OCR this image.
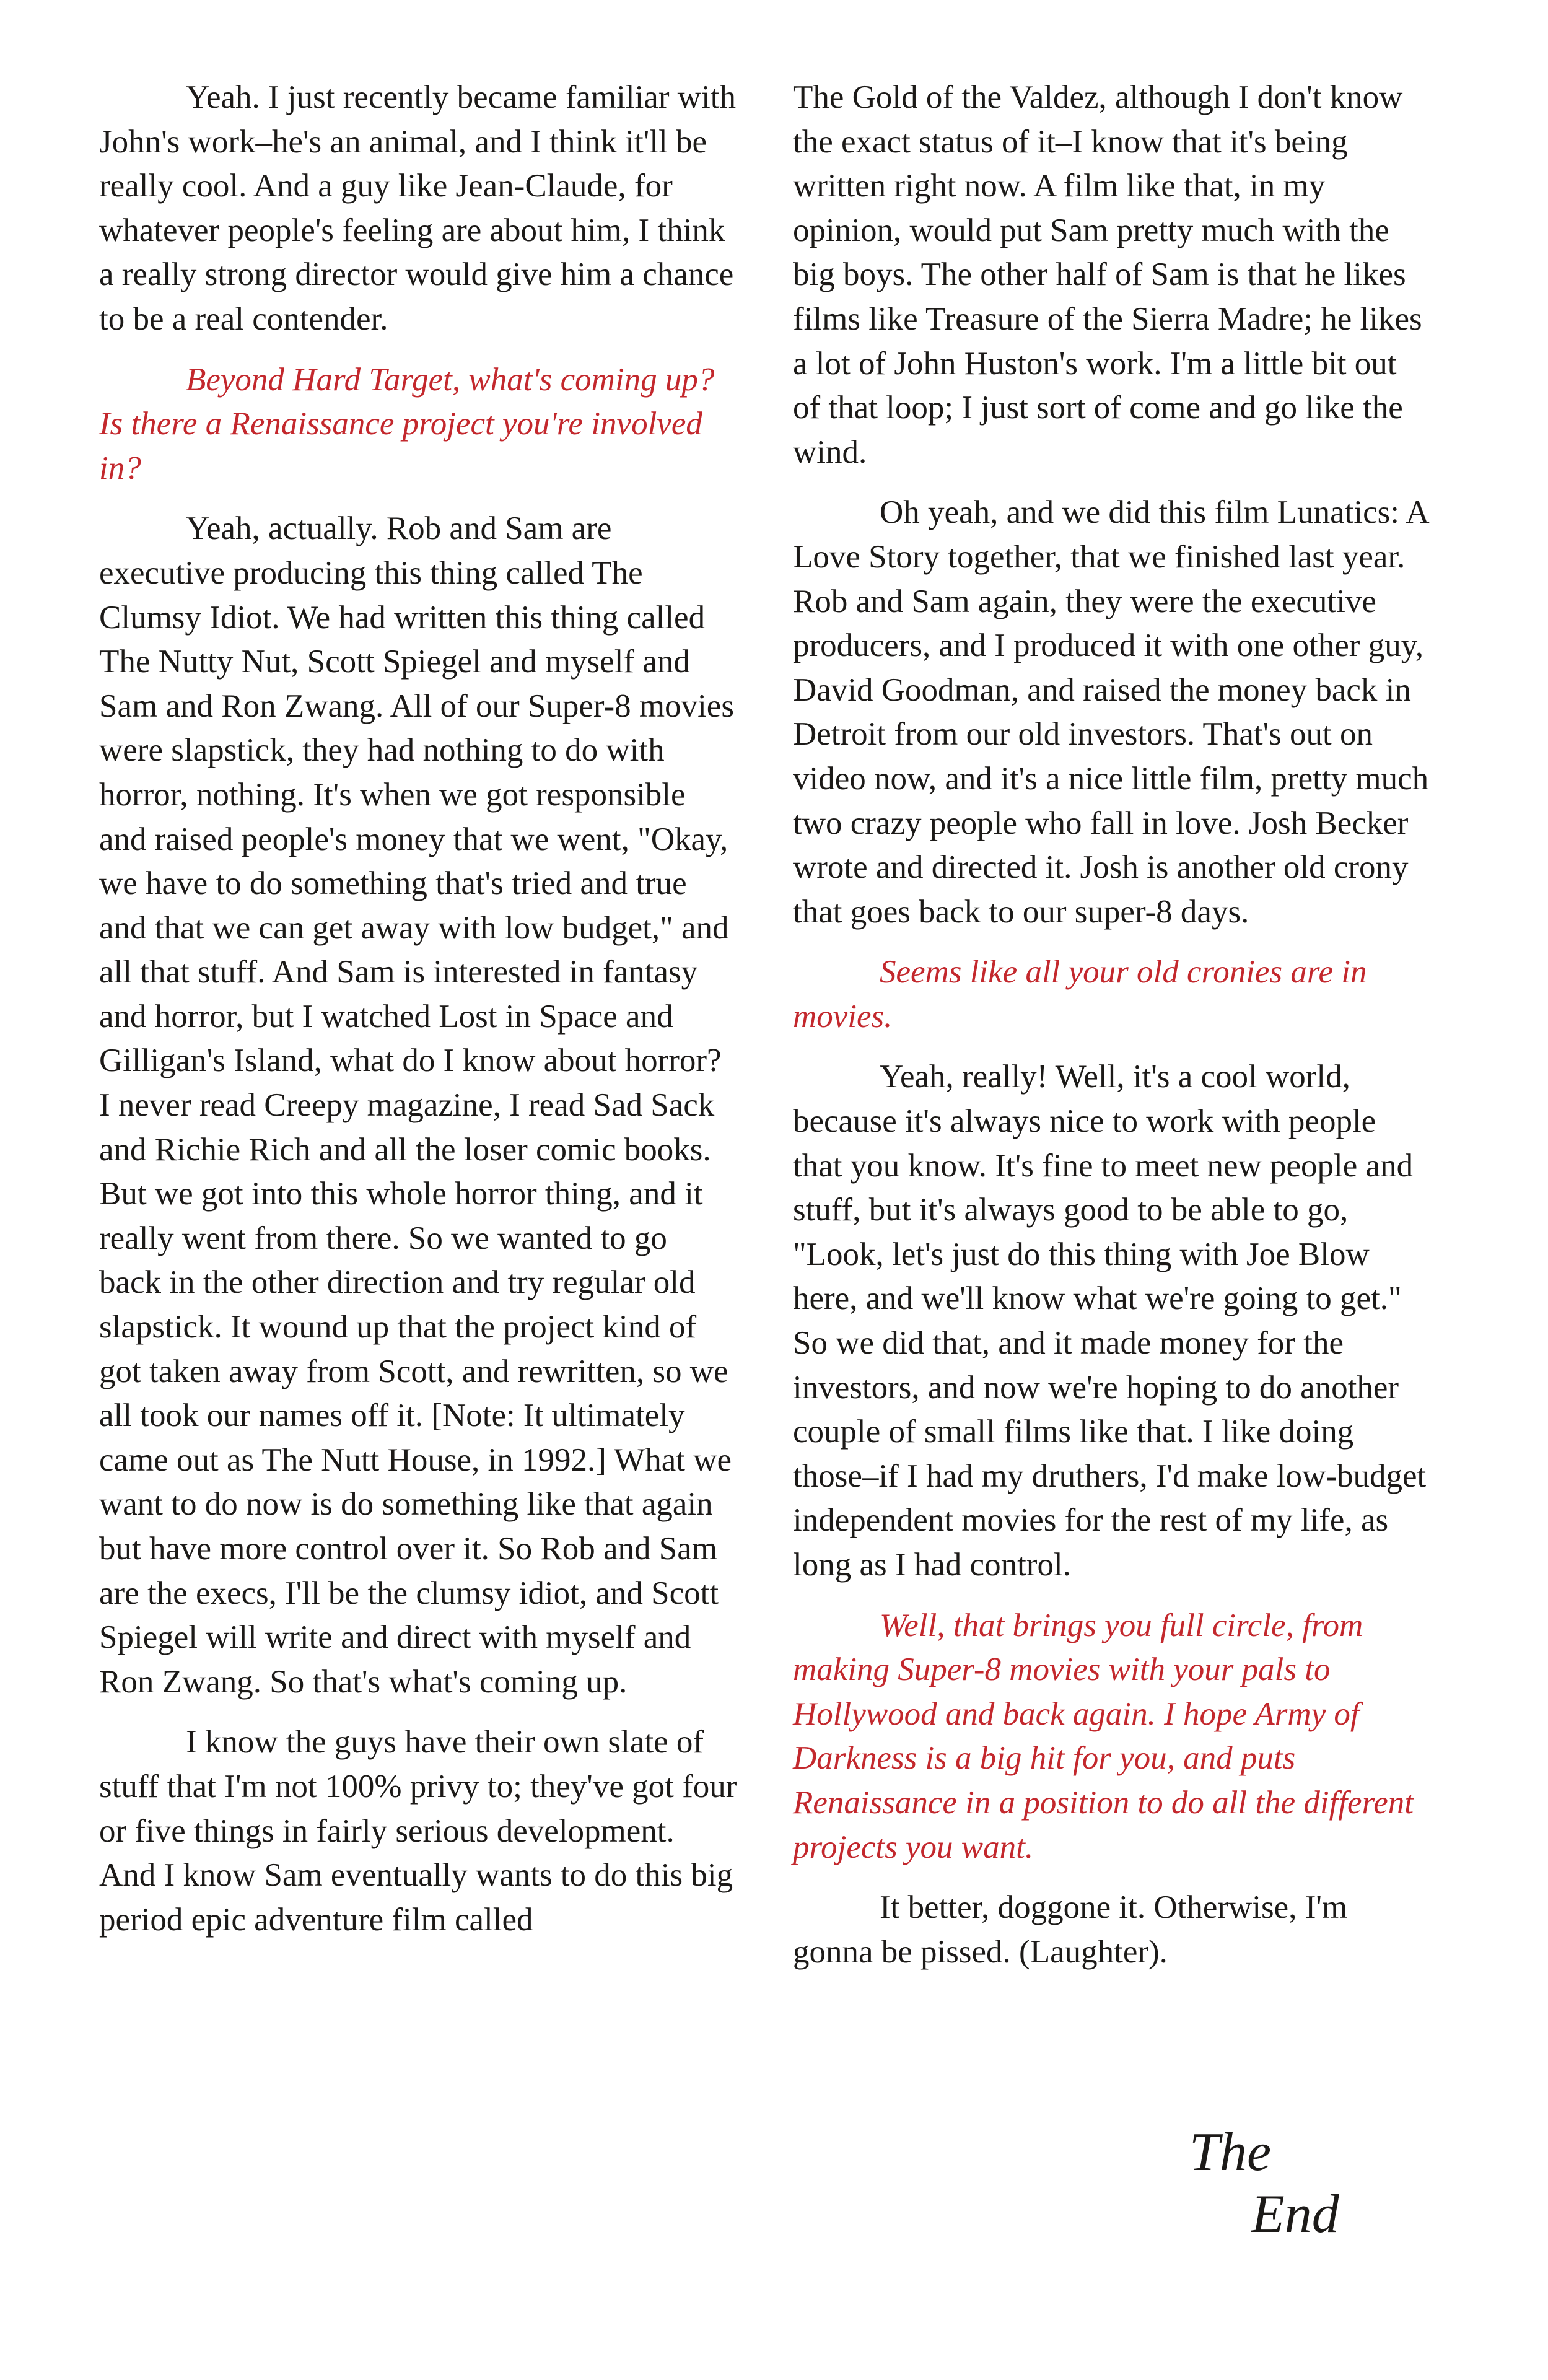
Yeah. I just recently became familiar with John's work–he's an animal, and I think it'll be really cool. And a guy like Jean-Claude, for whatever people's feeling are about him, I think a really strong director would give him a chance to be a real contender.

Beyond Hard Target, what's coming up? Is there a Renaissance project you're involved in?

Yeah, actually. Rob and Sam are executive producing this thing called The Clumsy Idiot. We had written this thing called The Nutty Nut, Scott Spiegel and myself and Sam and Ron Zwang. All of our Super-8 movies were slapstick, they had nothing to do with horror, nothing. It's when we got responsible and raised people's money that we went, "Okay, we have to do something that's tried and true and that we can get away with low budget," and all that stuff. And Sam is interested in fantasy and horror, but I watched Lost in Space and Gilligan's Island, what do I know about horror? I never read Creepy magazine, I read Sad Sack and Richie Rich and all the loser comic books. But we got into this whole horror thing, and it really went from there. So we wanted to go back in the other direction and try regular old slapstick. It wound up that the project kind of got taken away from Scott, and rewritten, so we all took our names off it. [Note: It ultimately came out as The Nutt House, in 1992.] What we want to do now is do something like that again but have more control over it. So Rob and Sam are the execs, I'll be the clumsy idiot, and Scott Spiegel will write and direct with myself and Ron Zwang. So that's what's coming up.

I know the guys have their own slate of stuff that I'm not 100% privy to; they've got four or five things in fairly serious development. And I know Sam eventually wants to do this big period epic adventure film called

The Gold of the Valdez, although I don't know the exact status of it–I know that it's being written right now. A film like that, in my opinion, would put Sam pretty much with the big boys. The other half of Sam is that he likes films like Treasure of the Sierra Madre; he likes a lot of John Huston's work. I'm a little bit out of that loop; I just sort of come and go like the wind.

Oh yeah, and we did this film Lunatics: A Love Story together, that we finished last year. Rob and Sam again, they were the executive producers, and I produced it with one other guy, David Goodman, and raised the money back in Detroit from our old investors. That's out on video now, and it's a nice little film, pretty much two crazy people who fall in love. Josh Becker wrote and directed it. Josh is another old crony that goes back to our super-8 days.

Seems like all your old cronies are in movies.

Yeah, really! Well, it's a cool world, because it's always nice to work with people that you know. It's fine to meet new people and stuff, but it's always good to be able to go, "Look, let's just do this thing with Joe Blow here, and we'll know what we're going to get." So we did that, and it made money for the investors, and now we're hoping to do another couple of small films like that. I like doing those–if I had my druthers, I'd make low-budget independent movies for the rest of my life, as long as I had control.

Well, that brings you full circle, from making Super-8 movies with your pals to Hollywood and back again. I hope Army of Darkness is a big hit for you, and puts Renaissance in a position to do all the different projects you want.

It better, doggone it. Otherwise, I'm gonna be pissed. (Laughter).

The
End
